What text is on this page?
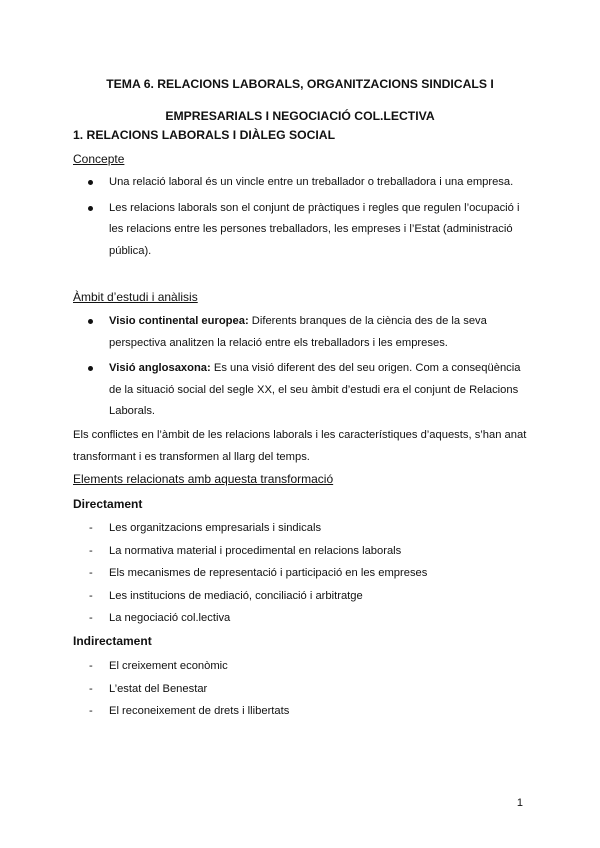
TEMA 6. RELACIONS LABORALS, ORGANITZACIONS SINDICALS I
EMPRESARIALS I NEGOCIACIÓ COL.LECTIVA
1. RELACIONS LABORALS I DIÀLEG SOCIAL
Concepte
Una relació laboral és un vincle entre un treballador o treballadora i una empresa.
Les relacions laborals son el conjunt de pràctiques i regles que regulen l’ocupació i les relacions entre les persones treballadors, les empreses i l’Estat (administració pública).
Àmbit d’estudi i anàlisis
Visio continental europea: Diferents branques de la ciència des de la seva perspectiva analitzen la relació entre els treballadors i les empreses.
Visió anglosaxona: Es una visió diferent des del seu origen. Com a conseqüència de la situació social del segle XX, el seu àmbit d’estudi era el conjunt de Relacions Laborals.
Els conflictes en l’àmbit de les relacions laborals i les característiques d’aquests, s’han anat transformant i es transformen al llarg del temps.
Elements relacionats amb aquesta transformació
Directament
- Les organitzacions empresarials i sindicals
- La normativa material i procedimental en relacions laborals
- Els mecanismes de representació i participació en les empreses
- Les institucions de mediació, conciliació i arbitratge
- La negociació col.lectiva
Indirectament
- El creixement econòmic
- L’estat del Benestar
- El reconeixement de drets i llibertats
1
